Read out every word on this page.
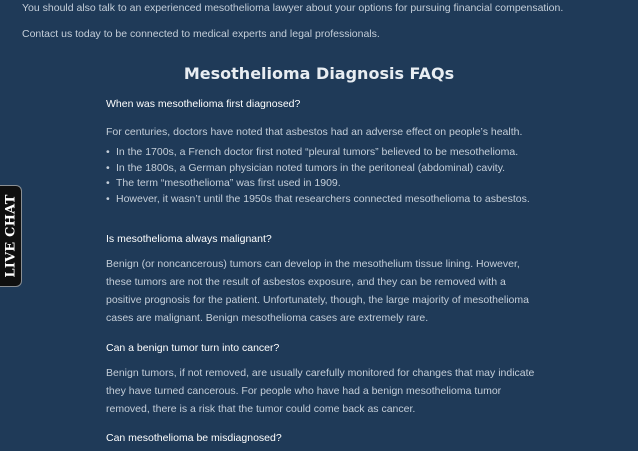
You should also talk to an experienced mesothelioma lawyer about your options for pursuing financial compensation.

Contact us today to be connected to medical experts and legal professionals.

Mesothelioma Diagnosis FAQs

When was mesothelioma first diagnosed?

For centuries, doctors have noted that asbestos had an adverse effect on people’s health.

• In the 1700s, a French doctor first noted “pleural tumors” believed to be mesothelioma.
• In the 1800s, a German physician noted tumors in the peritoneal (abdominal) cavity.
• The term “mesothelioma” was first used in 1909.
• However, it wasn’t until the 1950s that researchers connected mesothelioma to asbestos.

Is mesothelioma always malignant?

Benign (or noncancerous) tumors can develop in the mesothelium tissue lining. However,

these tumors are not the result of asbestos exposure, and they can be removed with a

positive prognosis for the patient. Unfortunately, though, the large majority of mesothelioma

cases are malignant. Benign mesothelioma cases are extremely rare.

Can a benign tumor turn into cancer?

Benign tumors, if not removed, are usually carefully monitored for changes that may indicate

they have turned cancerous. For people who have had a benign mesothelioma tumor

removed, there is a risk that the tumor could come back as cancer.

Can mesothelioma be misdiagnosed?

LIVE CHAT
